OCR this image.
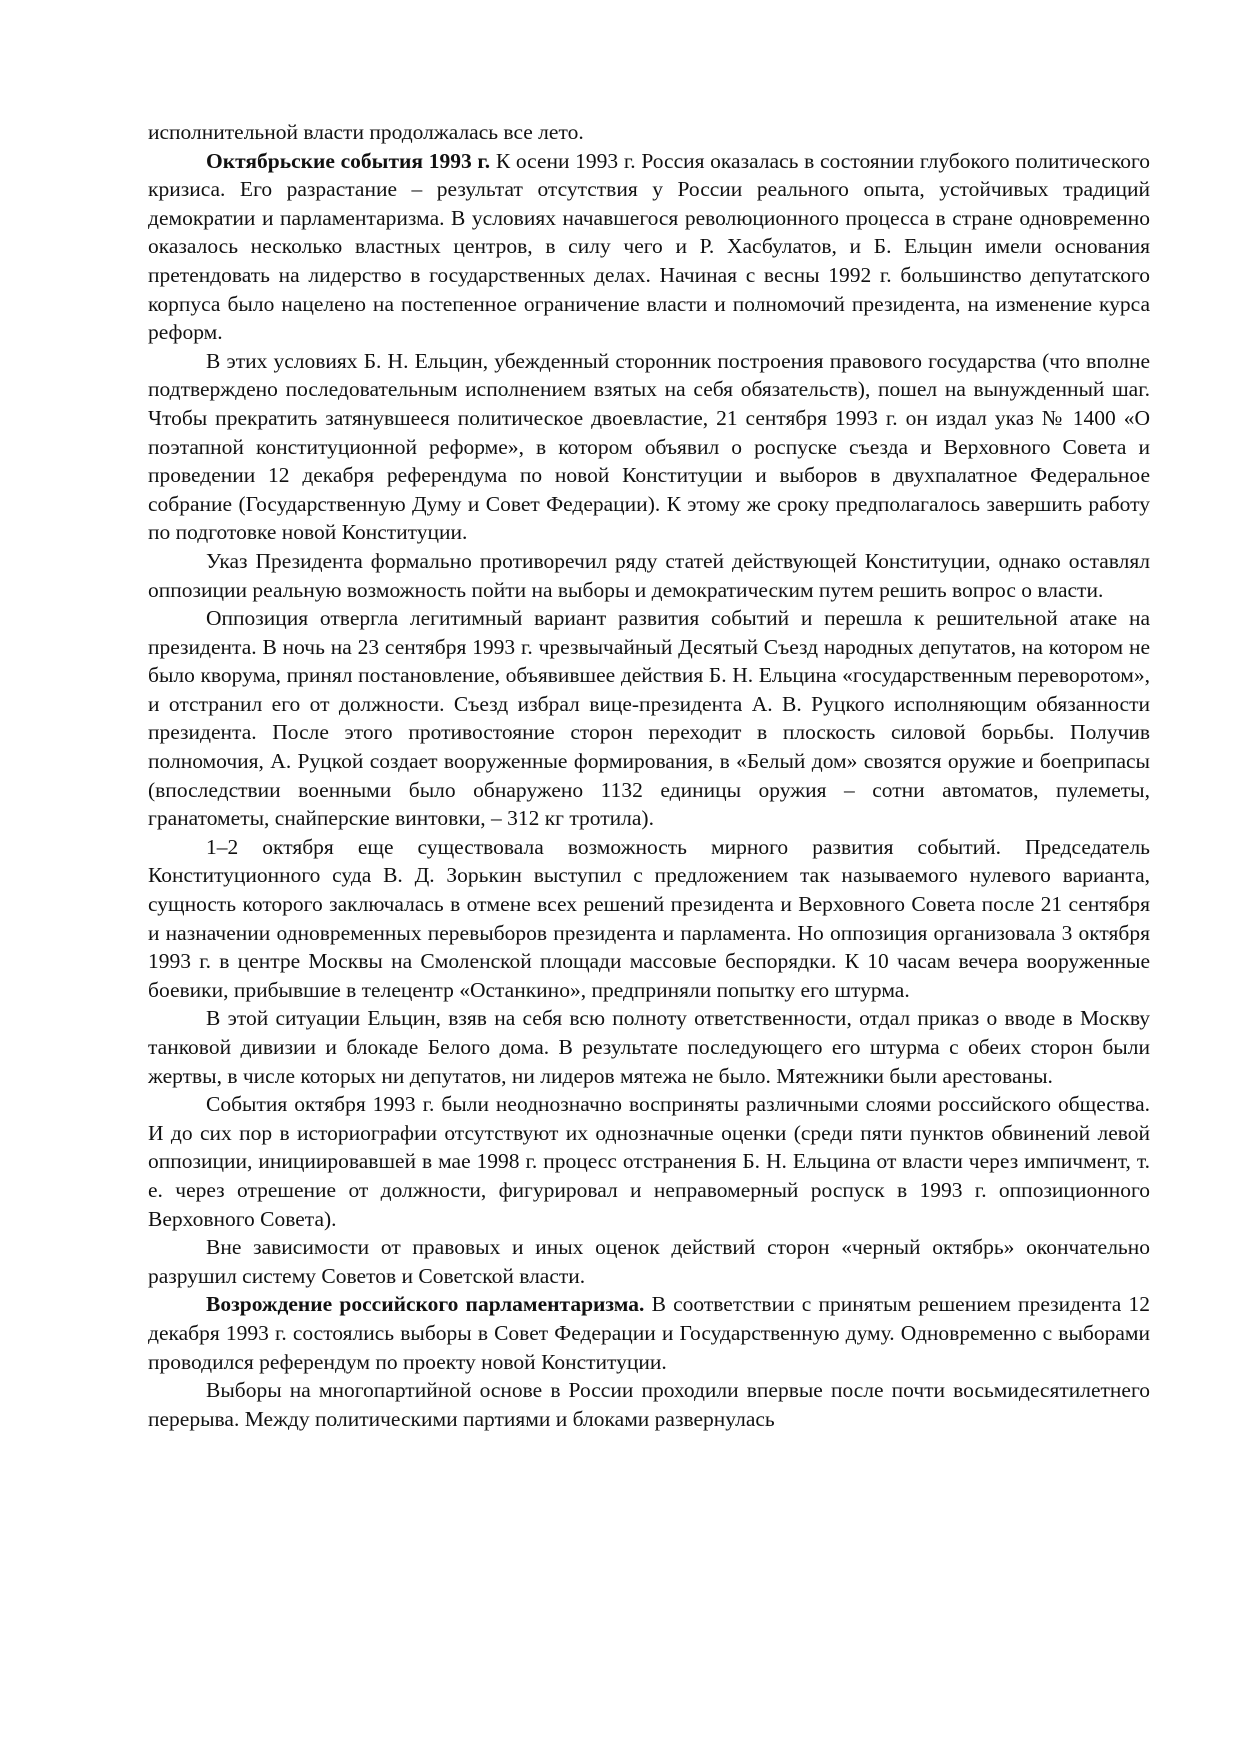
исполнительной власти продолжалась все лето.

Октябрьские события 1993 г. К осени 1993 г. Россия оказалась в состоянии глубокого политического кризиса. Его разрастание – результат отсутствия у России реального опыта, устойчивых традиций демократии и парламентаризма. В условиях начавшегося революционного процесса в стране одновременно оказалось несколько властных центров, в силу чего и Р. Хасбулатов, и Б. Ельцин имели основания претендовать на лидерство в государственных делах. Начиная с весны 1992 г. большинство депутатского корпуса было нацелено на постепенное ограничение власти и полномочий президента, на изменение курса реформ.

В этих условиях Б. Н. Ельцин, убежденный сторонник построения правового государства (что вполне подтверждено последовательным исполнением взятых на себя обязательств), пошел на вынужденный шаг. Чтобы прекратить затянувшееся политическое двоевластие, 21 сентября 1993 г. он издал указ № 1400 «О поэтапной конституционной реформе», в котором объявил о роспуске съезда и Верховного Совета и проведении 12 декабря референдума по новой Конституции и выборов в двухпалатное Федеральное собрание (Государственную Думу и Совет Федерации). К этому же сроку предполагалось завершить работу по подготовке новой Конституции.

Указ Президента формально противоречил ряду статей действующей Конституции, однако оставлял оппозиции реальную возможность пойти на выборы и демократическим путем решить вопрос о власти.

Оппозиция отвергла легитимный вариант развития событий и перешла к решительной атаке на президента. В ночь на 23 сентября 1993 г. чрезвычайный Десятый Съезд народных депутатов, на котором не было кворума, принял постановление, объявившее действия Б. Н. Ельцина «государственным переворотом», и отстранил его от должности. Съезд избрал вице-президента А. В. Руцкого исполняющим обязанности президента. После этого противостояние сторон переходит в плоскость силовой борьбы. Получив полномочия, А. Руцкой создает вооруженные формирования, в «Белый дом» свозятся оружие и боеприпасы (впоследствии военными было обнаружено 1132 единицы оружия – сотни автоматов, пулеметы, гранатометы, снайперские винтовки, – 312 кг тротила).

1–2 октября еще существовала возможность мирного развития событий. Председатель Конституционного суда В. Д. Зорькин выступил с предложением так называемого нулевого варианта, сущность которого заключалась в отмене всех решений президента и Верховного Совета после 21 сентября и назначении одновременных перевыборов президента и парламента. Но оппозиция организовала 3 октября 1993 г. в центре Москвы на Смоленской площади массовые беспорядки. К 10 часам вечера вооруженные боевики, прибывшие в телецентр «Останкино», предприняли попытку его штурма.

В этой ситуации Ельцин, взяв на себя всю полноту ответственности, отдал приказ о вводе в Москву танковой дивизии и блокаде Белого дома. В результате последующего его штурма с обеих сторон были жертвы, в числе которых ни депутатов, ни лидеров мятежа не было. Мятежники были арестованы.

События октября 1993 г. были неоднозначно восприняты различными слоями российского общества. И до сих пор в историографии отсутствуют их однозначные оценки (среди пяти пунктов обвинений левой оппозиции, инициировавшей в мае 1998 г. процесс отстранения Б. Н. Ельцина от власти через импичмент, т. е. через отрешение от должности, фигурировал и неправомерный роспуск в 1993 г. оппозиционного Верховного Совета).

Вне зависимости от правовых и иных оценок действий сторон «черный октябрь» окончательно разрушил систему Советов и Советской власти.

Возрождение российского парламентаризма. В соответствии с принятым решением президента 12 декабря 1993 г. состоялись выборы в Совет Федерации и Государственную думу. Одновременно с выборами проводился референдум по проекту новой Конституции.

Выборы на многопартийной основе в России проходили впервые после почти восьмидесятилетнего перерыва. Между политическими партиями и блоками развернулась
